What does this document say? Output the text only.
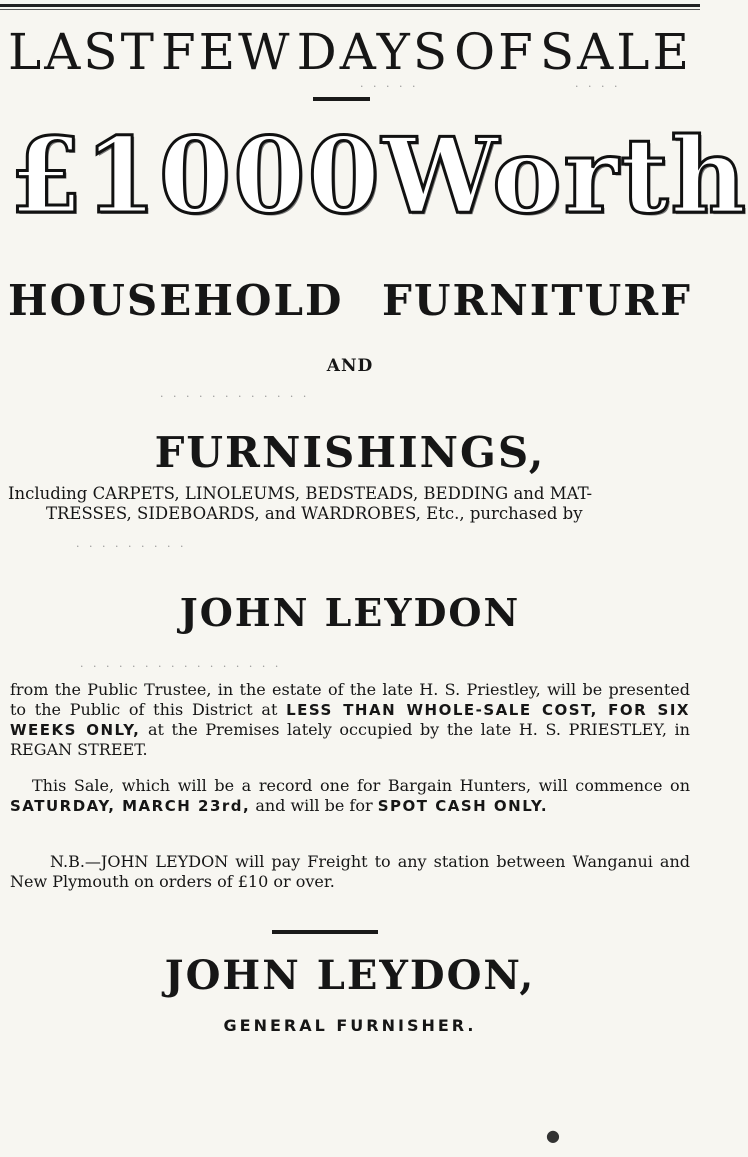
LAST FEW DAYS OF SALE
· · · · ·	· · · ·
£1000 Worth
HOUSEHOLD FURNITURF
AND
· · · · · · · · · · · ·
FURNISHINGS,
Including CARPETS, LINOLEUMS, BEDSTEADS, BEDDING and MAT-
TRESSES, SIDEBOARDS, and WARDROBES, Etc., purchased by
· · · · · · · · ·
JOHN LEYDON
· · · · · · · · · · · · · · · ·
from the Public Trustee, in the estate of the late H. S. Priestley, will be presented to the Public of this District at LESS THAN WHOLE-SALE COST, FOR SIX WEEKS ONLY, at the Premises lately occupied by the late H. S. PRIESTLEY, in REGAN STREET.
This Sale, which will be a record one for Bargain Hunters, will commence on SATURDAY, MARCH 23rd, and will be for SPOT CASH ONLY.
N.B.—JOHN LEYDON will pay Freight to any station between Wanganui and New Plymouth on orders of £10 or over.
JOHN LEYDON,
GENERAL FURNISHER.
●
